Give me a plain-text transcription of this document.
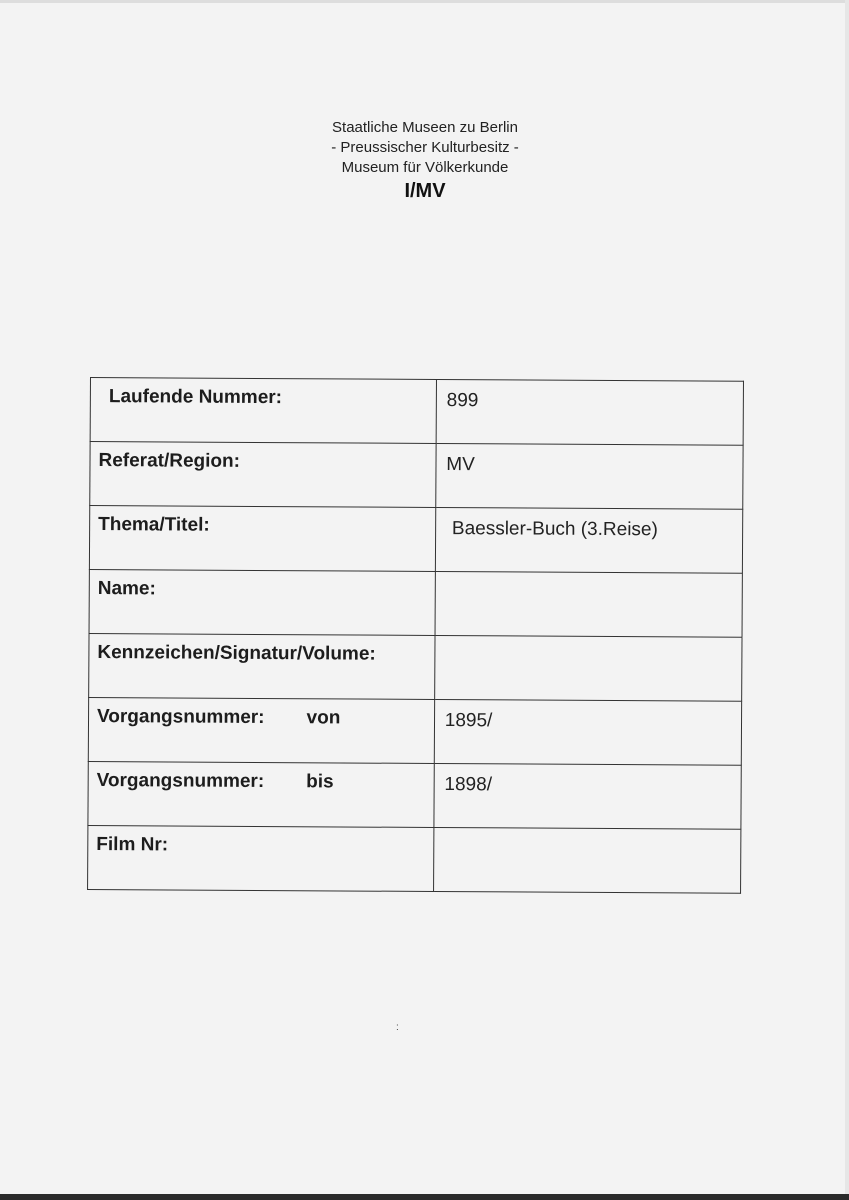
Staatliche Museen zu Berlin
- Preussischer Kulturbesitz -
Museum für Völkerkunde
I/MV
Laufende Nummer:	899
Referat/Region:	MV
Thema/Titel:	Baessler-Buch (3.Reise)
Name:	
Kennzeichen/Signatur/Volume:	

Vorgangsnummer: von	1895/

Vorgangsnummer: bis	1898/
Film Nr:	
:
